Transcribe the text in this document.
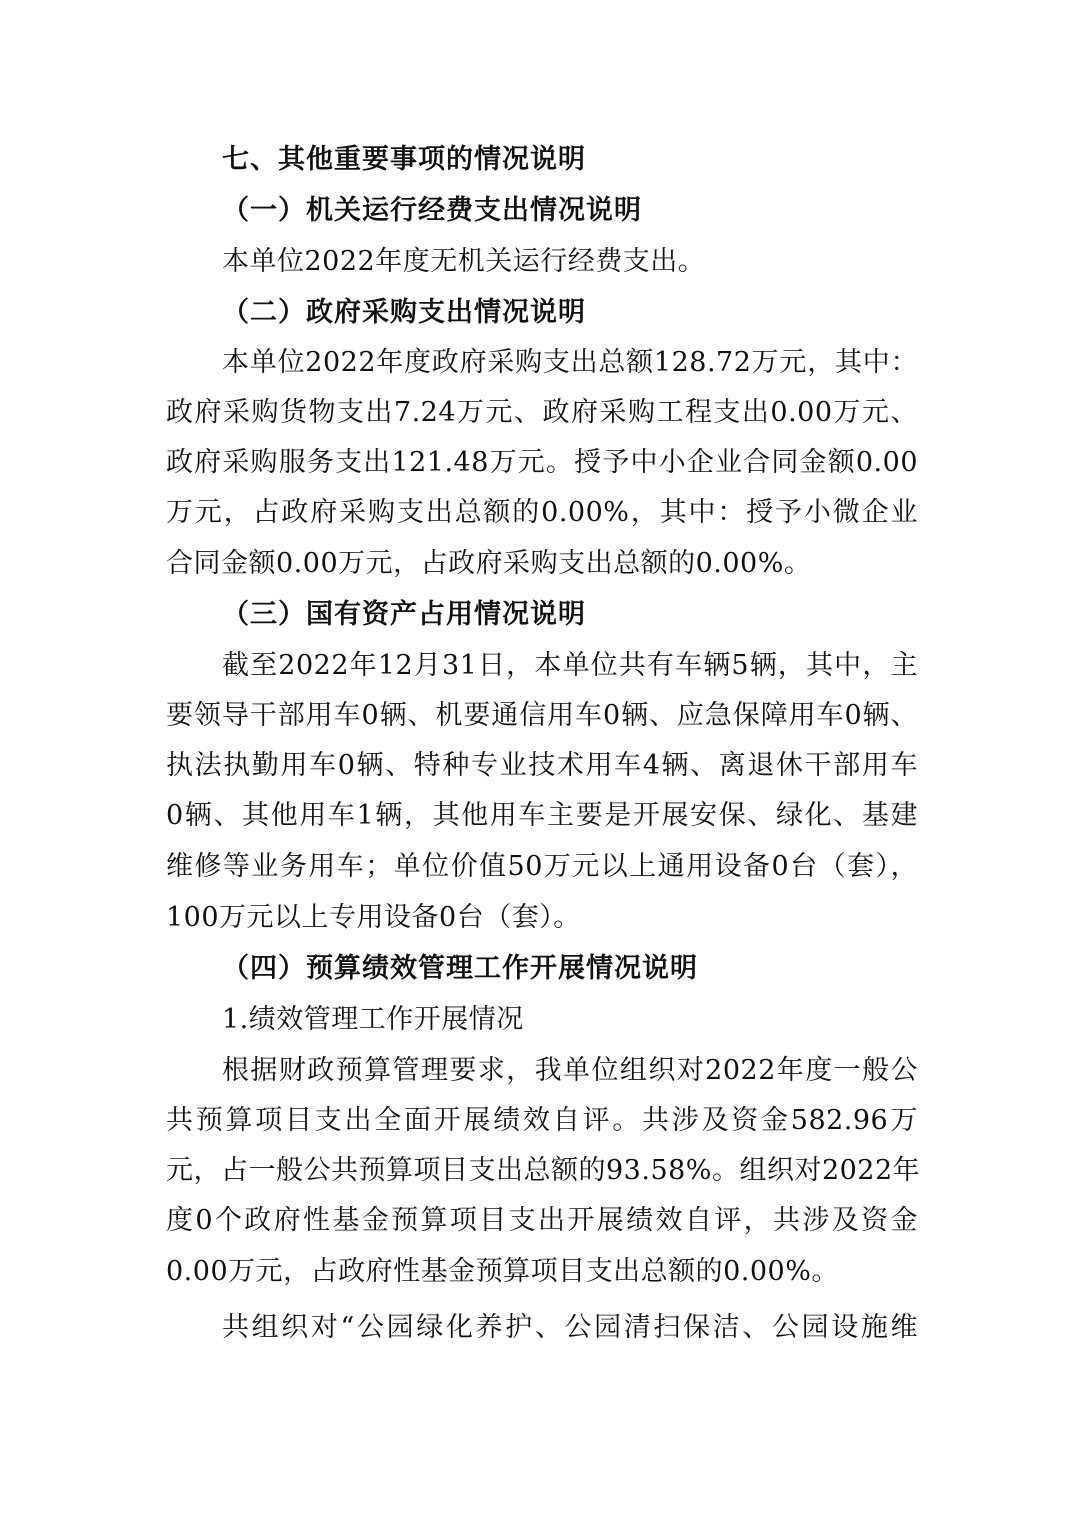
七、其他重要事项的情况说明
（一）机关运行经费支出情况说明
本单位2022年度无机关运行经费支出。
（二）政府采购支出情况说明
本单位2022年度政府采购支出总额128.72万元，其中：
政府采购货物支出7.24万元、政府采购工程支出0.00万元、
政府采购服务支出121.48万元。授予中小企业合同金额0.00
万元，占政府采购支出总额的0.00%，其中：授予小微企业
合同金额0.00万元，占政府采购支出总额的0.00%。
（三）国有资产占用情况说明
截至2022年12月31日，本单位共有车辆5辆，其中，主
要领导干部用车0辆、机要通信用车0辆、应急保障用车0辆、
执法执勤用车0辆、特种专业技术用车4辆、离退休干部用车
0辆、其他用车1辆，其他用车主要是开展安保、绿化、基建
维修等业务用车；单位价值50万元以上通用设备0台（套），
100万元以上专用设备0台（套）。
（四）预算绩效管理工作开展情况说明
1.绩效管理工作开展情况
根据财政预算管理要求，我单位组织对2022年度一般公
共预算项目支出全面开展绩效自评。共涉及资金582.96万
元，占一般公共预算项目支出总额的93.58%。组织对2022年
度0个政府性基金预算项目支出开展绩效自评，共涉及资金
0.00万元，占政府性基金预算项目支出总额的0.00%。
共组织对“公园绿化养护、公园清扫保洁、公园设施维
